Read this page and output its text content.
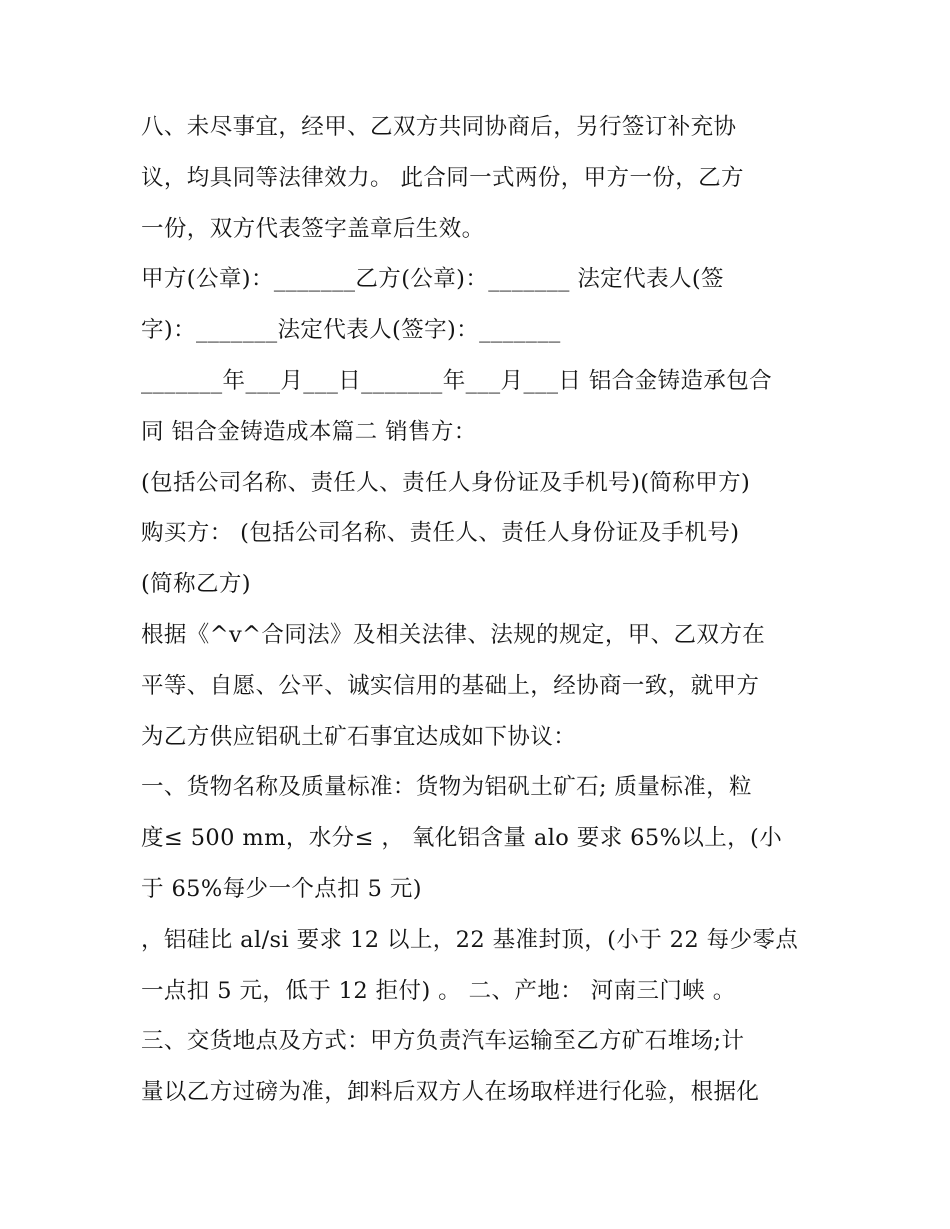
八、未尽事宜，经甲、乙双方共同协商后，另行签订补充协
议，均具同等法律效力。 此合同一式两份，甲方一份，乙方
一份，双方代表签字盖章后生效。
甲方(公章)：_______乙方(公章)：_______ 法定代表人(签
字)：_______法定代表人(签字)：_______
_______年___月___日_______年___月___日 铝合金铸造承包合
同 铝合金铸造成本篇二 销售方：
(包括公司名称、责任人、责任人身份证及手机号)(简称甲方)
购买方： (包括公司名称、责任人、责任人身份证及手机号)
(简称乙方)
根据《^v^合同法》及相关法律、法规的规定，甲、乙双方在
平等、自愿、公平、诚实信用的基础上，经协商一致，就甲方
为乙方供应铝矾土矿石事宜达成如下协议：
一、货物名称及质量标准：货物为铝矾土矿石; 质量标准，粒
度≤ 500 mm，水分≤ ， 氧化铝含量 alo 要求 65%以上，(小
于 65%每少一个点扣 5 元)
，铝硅比 al/si 要求 12 以上，22 基准封顶，(小于 22 每少零点
一点扣 5 元，低于 12 拒付) 。 二、产地： 河南三门峡 。
三、交货地点及方式：甲方负责汽车运输至乙方矿石堆场;计
量以乙方过磅为准，卸料后双方人在场取样进行化验，根据化
